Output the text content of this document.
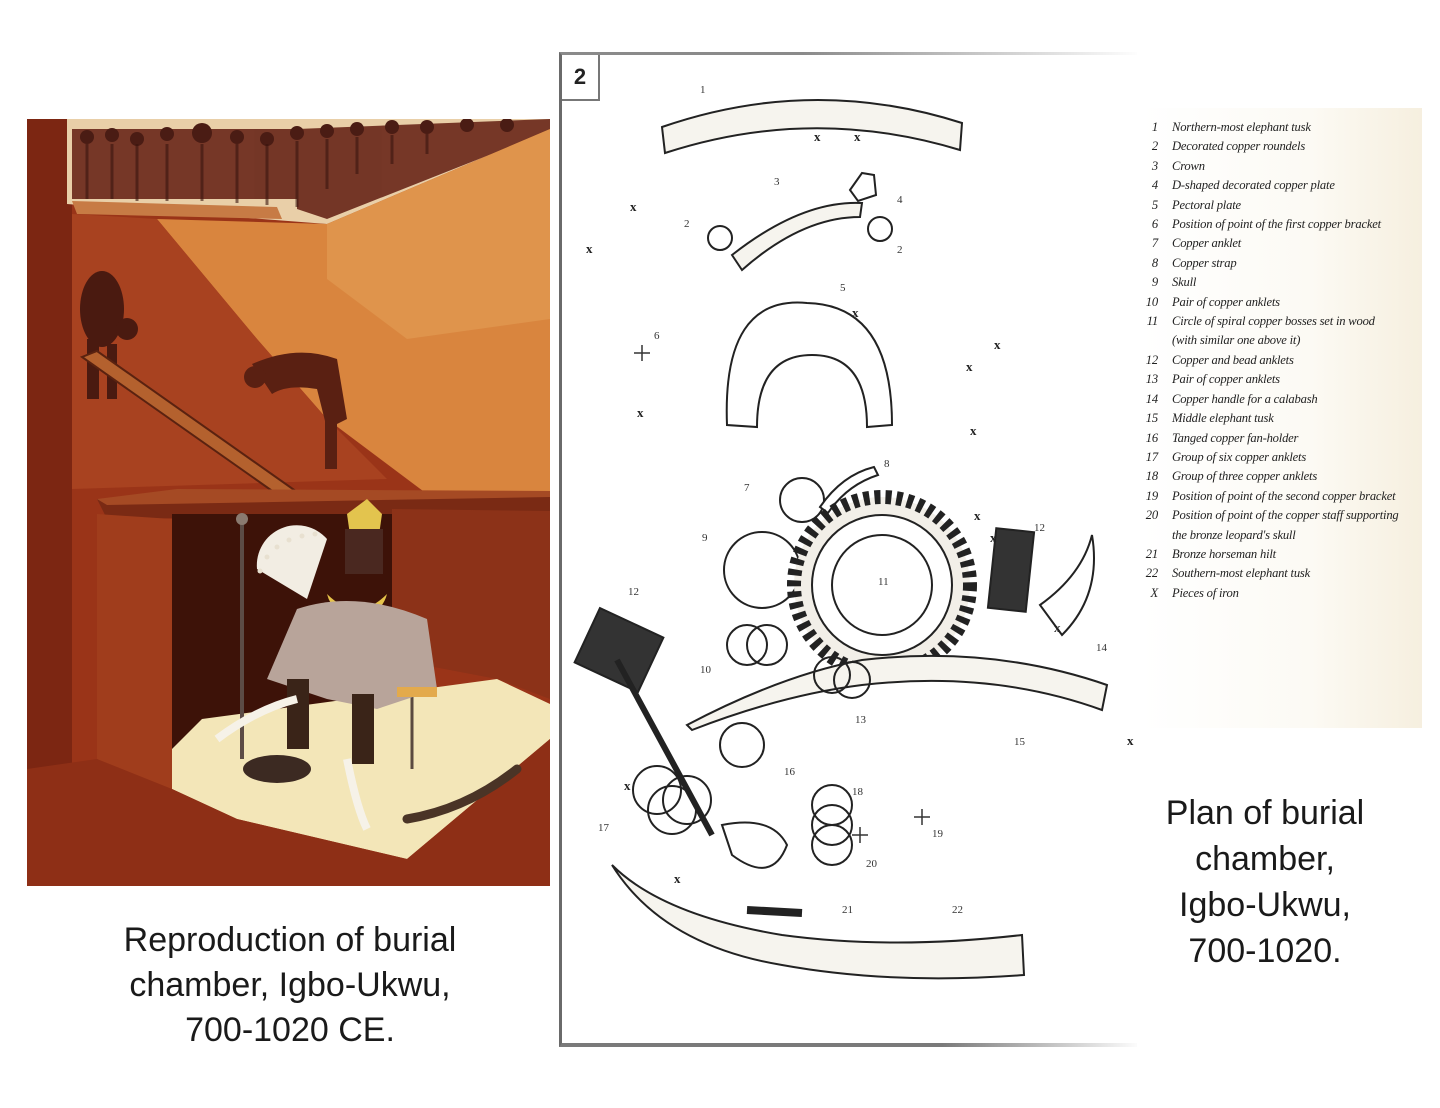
Reproduction of burial
chamber, Igbo-Ukwu,
700-1020 CE.
x	x
x
x
x
x
x
x
x
x
x
x
x
x
x
1
2
2
3
4
5
6
7
8
9
10
11
12
12
13
14
15
16
17
18
19
20
21	22
2
1	Northern-most elephant tusk
2	Decorated copper roundels
3	Crown
4	D-shaped decorated copper plate
5	Pectoral plate
6	Position of point of the first copper bracket
7	Copper anklet
8	Copper strap
9	Skull
10	Pair of copper anklets
11	Circle of spiral copper bosses set in wood (with similar one above it)
12	Copper and bead anklets
13	Pair of copper anklets
14	Copper handle for a calabash
15	Middle elephant tusk
16	Tanged copper fan-holder
17	Group of six copper anklets
18	Group of three copper anklets
19	Position of point of the second copper bracket
20	Position of point of the copper staff supporting the bronze leopard's skull
21	Bronze horseman hilt
22	Southern-most elephant tusk
X	Pieces of iron
Plan of burial
chamber,
Igbo-Ukwu,
700-1020.
